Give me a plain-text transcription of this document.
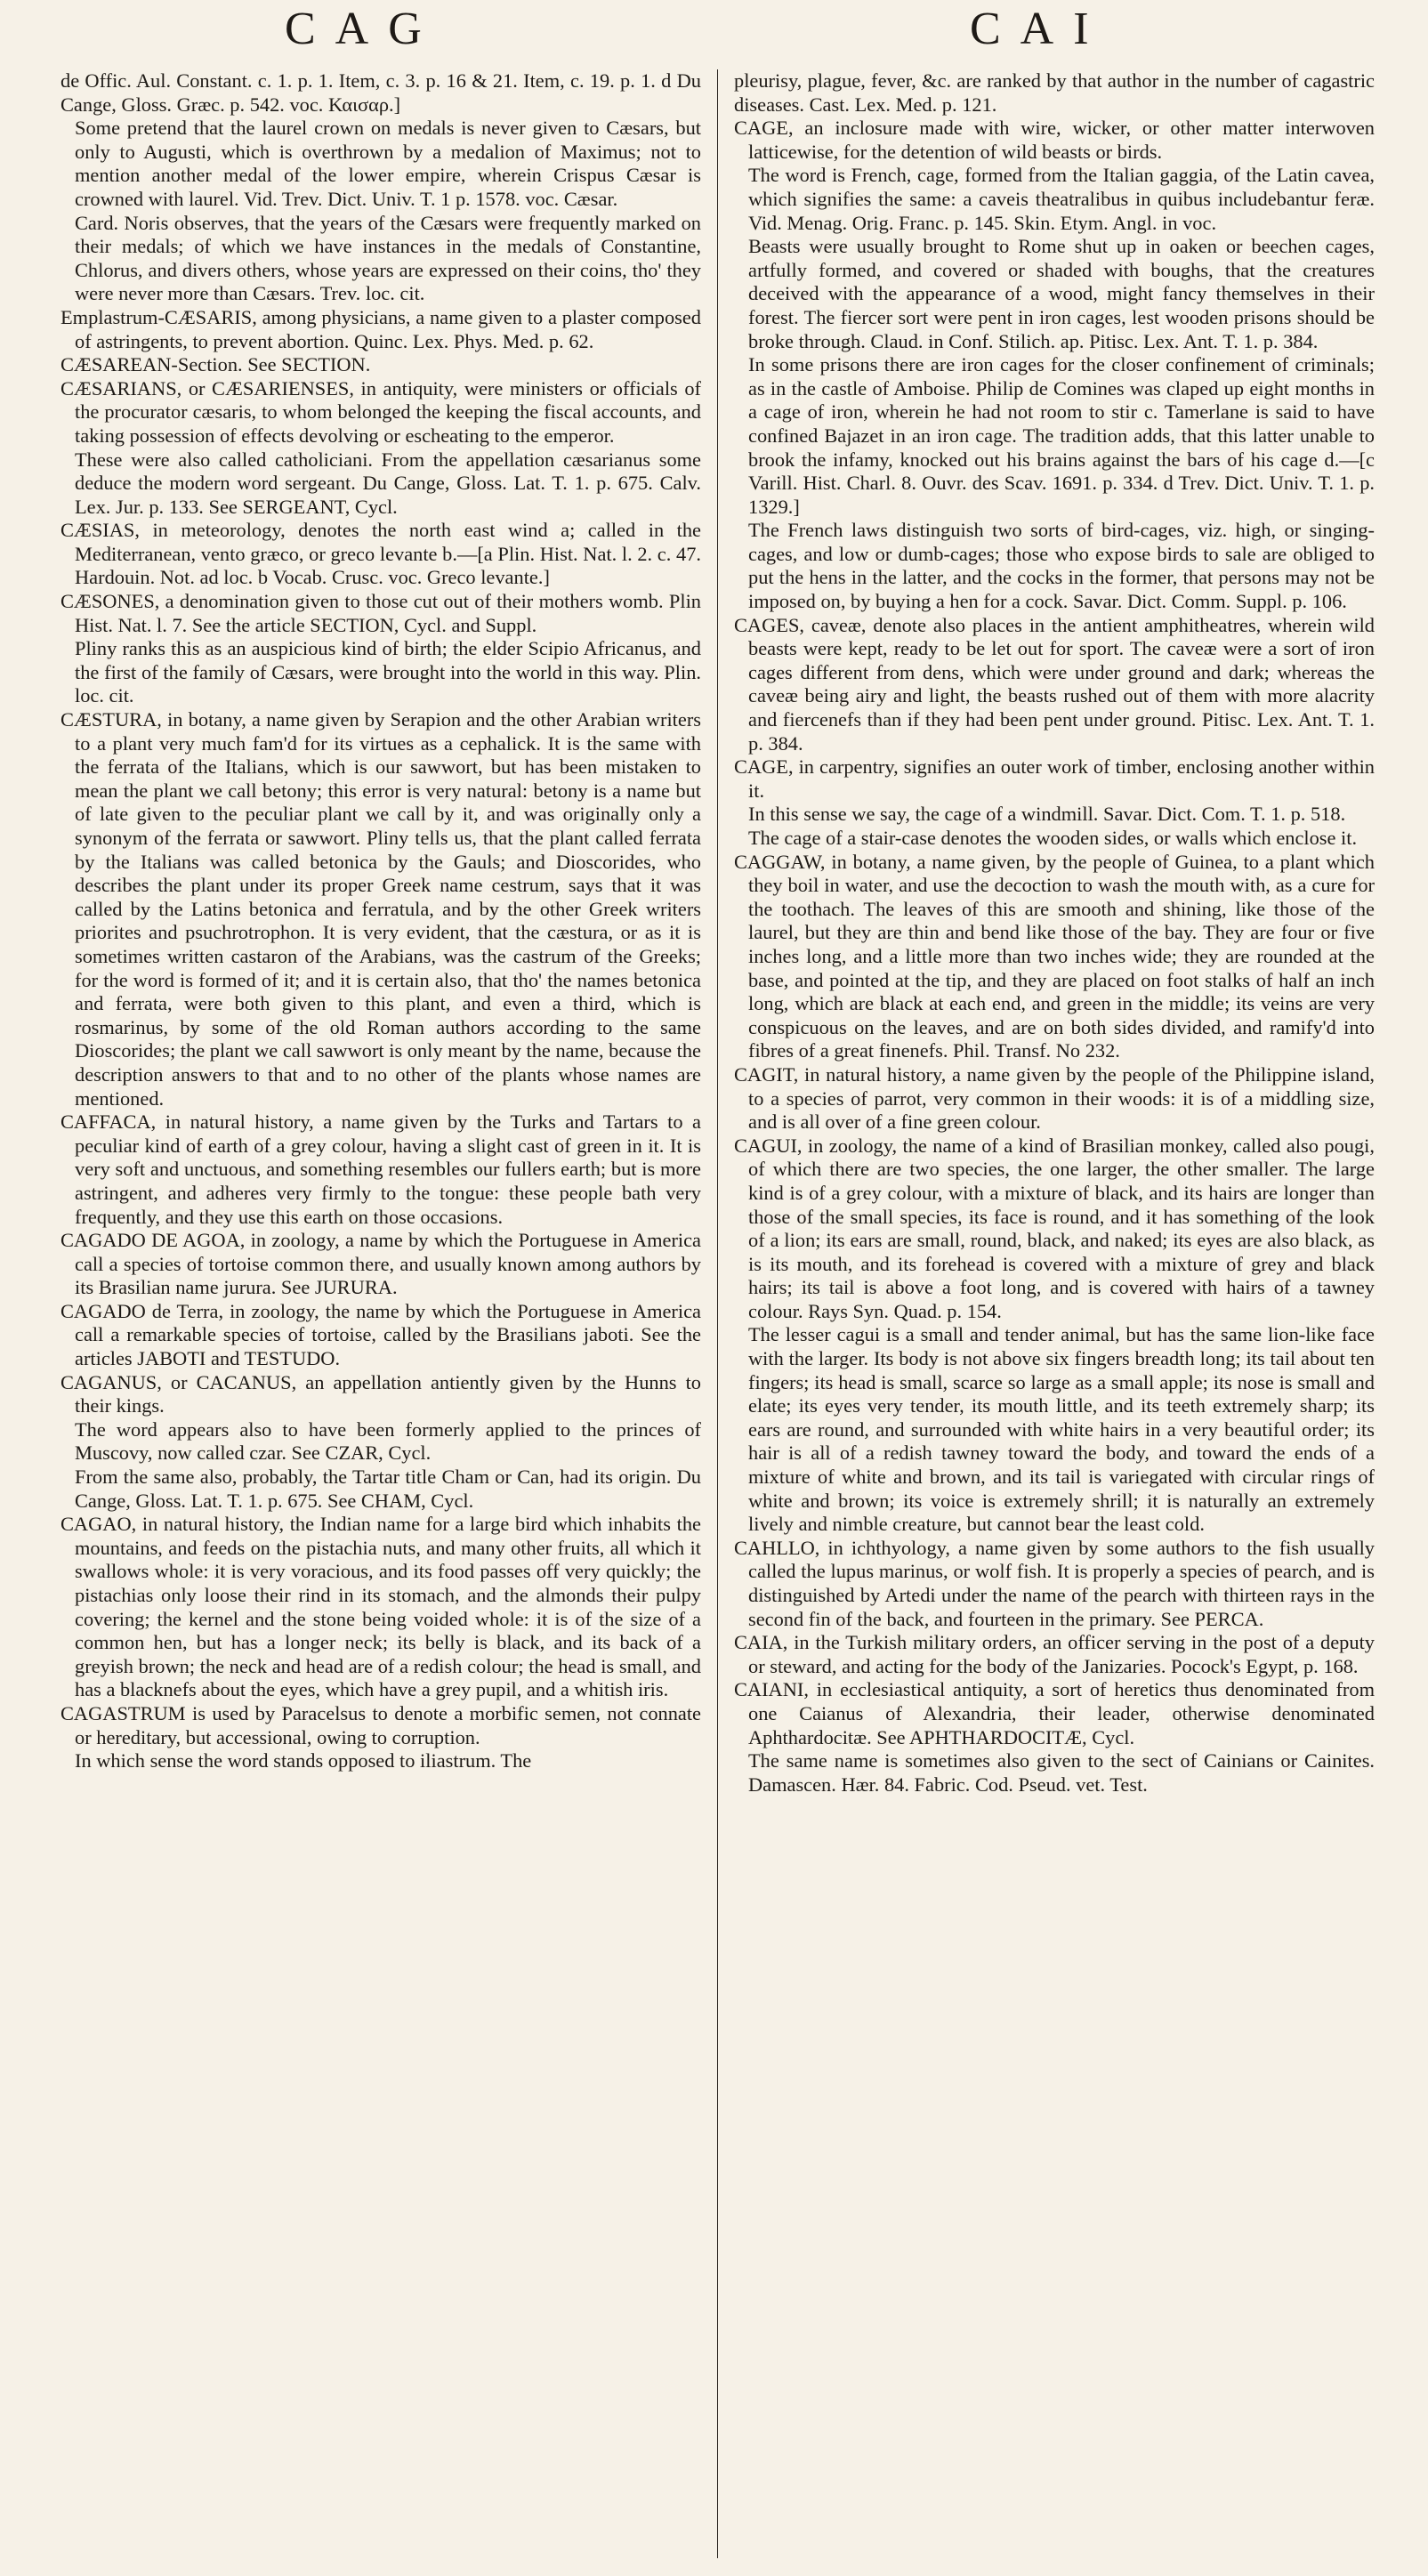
CAG	CAI

de Offic. Aul. Constant. c. 1. p. 1. Item, c. 3. p. 16 & 21. Item, c. 19. p. 1. d Du Cange, Gloss. Græc. p. 542. voc. Καισαρ.]

Some pretend that the laurel crown on medals is never given to Cæsars, but only to Augusti, which is overthrown by a medalion of Maximus; not to mention another medal of the lower empire, wherein Crispus Cæsar is crowned with laurel. Vid. Trev. Dict. Univ. T. 1 p. 1578. voc. Cæsar.

Card. Noris observes, that the years of the Cæsars were frequently marked on their medals; of which we have instances in the medals of Constantine, Chlorus, and divers others, whose years are expressed on their coins, tho' they were never more than Cæsars. Trev. loc. cit.

Emplastrum-CÆSARIS, among physicians, a name given to a plaster composed of astringents, to prevent abortion. Quinc. Lex. Phys. Med. p. 62.

CÆSAREAN-Section. See SECTION.

CÆSARIANS, or CÆSARIENSES, in antiquity, were ministers or officials of the procurator cæsaris, to whom belonged the keeping the fiscal accounts, and taking possession of effects devolving or escheating to the emperor.

These were also called catholiciani. From the appellation cæsarianus some deduce the modern word sergeant. Du Cange, Gloss. Lat. T. 1. p. 675. Calv. Lex. Jur. p. 133. See SERGEANT, Cycl.

CÆSIAS, in meteorology, denotes the north east wind a; called in the Mediterranean, vento græco, or greco levante b.—[a Plin. Hist. Nat. l. 2. c. 47. Hardouin. Not. ad loc. b Vocab. Crusc. voc. Greco levante.]

CÆSONES, a denomination given to those cut out of their mothers womb. Plin Hist. Nat. l. 7. See the article SECTION, Cycl. and Suppl.

Pliny ranks this as an auspicious kind of birth; the elder Scipio Africanus, and the first of the family of Cæsars, were brought into the world in this way. Plin. loc. cit.

CÆSTURA, in botany, a name given by Serapion and the other Arabian writers to a plant very much fam'd for its virtues as a cephalick. It is the same with the ferrata of the Italians, which is our sawwort, but has been mistaken to mean the plant we call betony; this error is very natural: betony is a name but of late given to the peculiar plant we call by it, and was originally only a synonym of the ferrata or sawwort. Pliny tells us, that the plant called ferrata by the Italians was called betonica by the Gauls; and Dioscorides, who describes the plant under its proper Greek name cestrum, says that it was called by the Latins betonica and ferratula, and by the other Greek writers priorites and psuchrotrophon. It is very evident, that the cæstura, or as it is sometimes written castaron of the Arabians, was the castrum of the Greeks; for the word is formed of it; and it is certain also, that tho' the names betonica and ferrata, were both given to this plant, and even a third, which is rosmarinus, by some of the old Roman authors according to the same Dioscorides; the plant we call sawwort is only meant by the name, because the description answers to that and to no other of the plants whose names are mentioned.

CAFFACA, in natural history, a name given by the Turks and Tartars to a peculiar kind of earth of a grey colour, having a slight cast of green in it. It is very soft and unctuous, and something resembles our fullers earth; but is more astringent, and adheres very firmly to the tongue: these people bath very frequently, and they use this earth on those occasions.

CAGADO DE AGOA, in zoology, a name by which the Portuguese in America call a species of tortoise common there, and usually known among authors by its Brasilian name jurura. See JURURA.

CAGADO de Terra, in zoology, the name by which the Portuguese in America call a remarkable species of tortoise, called by the Brasilians jaboti. See the articles JABOTI and TESTUDO.

CAGANUS, or CACANUS, an appellation antiently given by the Hunns to their kings.

The word appears also to have been formerly applied to the princes of Muscovy, now called czar. See CZAR, Cycl.

From the same also, probably, the Tartar title Cham or Can, had its origin. Du Cange, Gloss. Lat. T. 1. p. 675. See CHAM, Cycl.

CAGAO, in natural history, the Indian name for a large bird which inhabits the mountains, and feeds on the pistachia nuts, and many other fruits, all which it swallows whole: it is very voracious, and its food passes off very quickly; the pistachias only loose their rind in its stomach, and the almonds their pulpy covering; the kernel and the stone being voided whole: it is of the size of a common hen, but has a longer neck; its belly is black, and its back of a greyish brown; the neck and head are of a redish colour; the head is small, and has a blacknefs about the eyes, which have a grey pupil, and a whitish iris.

CAGASTRUM is used by Paracelsus to denote a morbific semen, not connate or hereditary, but accessional, owing to corruption.

In which sense the word stands opposed to iliastrum. The

pleurisy, plague, fever, &c. are ranked by that author in the number of cagastric diseases. Cast. Lex. Med. p. 121.

CAGE, an inclosure made with wire, wicker, or other matter interwoven latticewise, for the detention of wild beasts or birds.

The word is French, cage, formed from the Italian gaggia, of the Latin cavea, which signifies the same: a caveis theatralibus in quibus includebantur feræ. Vid. Menag. Orig. Franc. p. 145. Skin. Etym. Angl. in voc.

Beasts were usually brought to Rome shut up in oaken or beechen cages, artfully formed, and covered or shaded with boughs, that the creatures deceived with the appearance of a wood, might fancy themselves in their forest. The fiercer sort were pent in iron cages, lest wooden prisons should be broke through. Claud. in Conf. Stilich. ap. Pitisc. Lex. Ant. T. 1. p. 384.

In some prisons there are iron cages for the closer confinement of criminals; as in the castle of Amboise. Philip de Comines was claped up eight months in a cage of iron, wherein he had not room to stir c. Tamerlane is said to have confined Bajazet in an iron cage. The tradition adds, that this latter unable to brook the infamy, knocked out his brains against the bars of his cage d.—[c Varill. Hist. Charl. 8. Ouvr. des Scav. 1691. p. 334. d Trev. Dict. Univ. T. 1. p. 1329.]

The French laws distinguish two sorts of bird-cages, viz. high, or singing-cages, and low or dumb-cages; those who expose birds to sale are obliged to put the hens in the latter, and the cocks in the former, that persons may not be imposed on, by buying a hen for a cock. Savar. Dict. Comm. Suppl. p. 106.

CAGES, caveæ, denote also places in the antient amphitheatres, wherein wild beasts were kept, ready to be let out for sport. The caveæ were a sort of iron cages different from dens, which were under ground and dark; whereas the caveæ being airy and light, the beasts rushed out of them with more alacrity and fiercenefs than if they had been pent under ground. Pitisc. Lex. Ant. T. 1. p. 384.

CAGE, in carpentry, signifies an outer work of timber, enclosing another within it.

In this sense we say, the cage of a windmill. Savar. Dict. Com. T. 1. p. 518.

The cage of a stair-case denotes the wooden sides, or walls which enclose it.

CAGGAW, in botany, a name given, by the people of Guinea, to a plant which they boil in water, and use the decoction to wash the mouth with, as a cure for the toothach. The leaves of this are smooth and shining, like those of the laurel, but they are thin and bend like those of the bay. They are four or five inches long, and a little more than two inches wide; they are rounded at the base, and pointed at the tip, and they are placed on foot stalks of half an inch long, which are black at each end, and green in the middle; its veins are very conspicuous on the leaves, and are on both sides divided, and ramify'd into fibres of a great finenefs. Phil. Transf. No 232.

CAGIT, in natural history, a name given by the people of the Philippine island, to a species of parrot, very common in their woods: it is of a middling size, and is all over of a fine green colour.

CAGUI, in zoology, the name of a kind of Brasilian monkey, called also pougi, of which there are two species, the one larger, the other smaller. The large kind is of a grey colour, with a mixture of black, and its hairs are longer than those of the small species, its face is round, and it has something of the look of a lion; its ears are small, round, black, and naked; its eyes are also black, as is its mouth, and its forehead is covered with a mixture of grey and black hairs; its tail is above a foot long, and is covered with hairs of a tawney colour. Rays Syn. Quad. p. 154.

The lesser cagui is a small and tender animal, but has the same lion-like face with the larger. Its body is not above six fingers breadth long; its tail about ten fingers; its head is small, scarce so large as a small apple; its nose is small and elate; its eyes very tender, its mouth little, and its teeth extremely sharp; its ears are round, and surrounded with white hairs in a very beautiful order; its hair is all of a redish tawney toward the body, and toward the ends of a mixture of white and brown, and its tail is variegated with circular rings of white and brown; its voice is extremely shrill; it is naturally an extremely lively and nimble creature, but cannot bear the least cold.

CAHLLO, in ichthyology, a name given by some authors to the fish usually called the lupus marinus, or wolf fish. It is properly a species of pearch, and is distinguished by Artedi under the name of the pearch with thirteen rays in the second fin of the back, and fourteen in the primary. See PERCA.

CAIA, in the Turkish military orders, an officer serving in the post of a deputy or steward, and acting for the body of the Janizaries. Pocock's Egypt, p. 168.

CAIANI, in ecclesiastical antiquity, a sort of heretics thus denominated from one Caianus of Alexandria, their leader, otherwise denominated Aphthardocitæ. See APHTHARDOCITÆ, Cycl.

The same name is sometimes also given to the sect of Cainians or Cainites. Damascen. Hær. 84. Fabric. Cod. Pseud. vet. Test.
